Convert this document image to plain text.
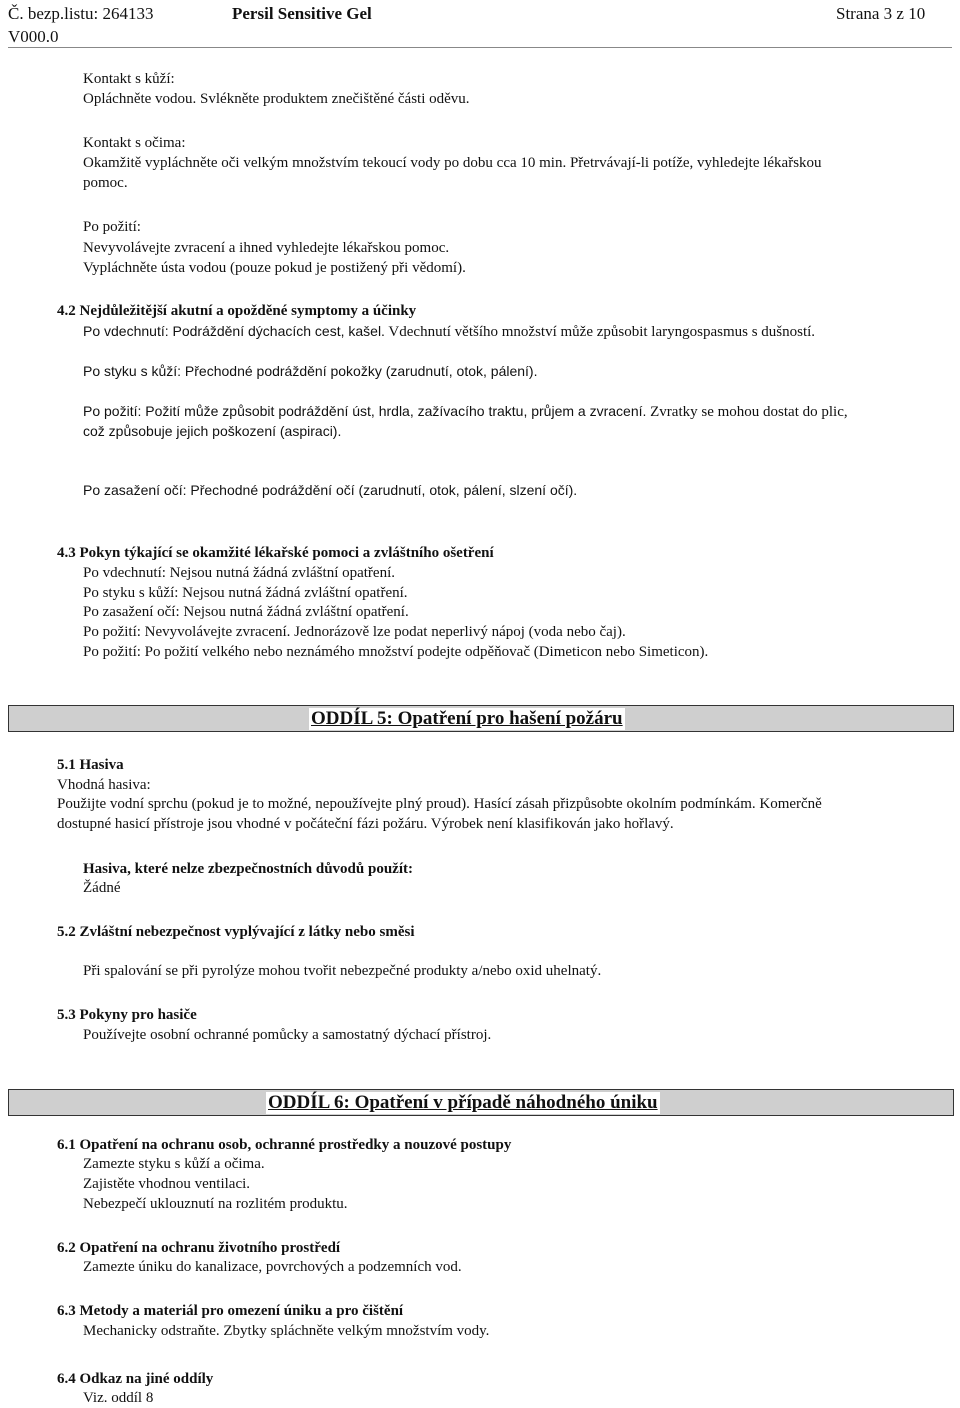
Č. bezp.listu: 264133	Persil Sensitive Gel	Strana 3 z 10
V000.0
Kontakt s kůží:
Opláchněte vodou. Svlékněte produktem znečištěné části oděvu.
Kontakt s očima:
Okamžitě vypláchněte oči velkým množstvím tekoucí vody po dobu cca 10 min. Přetrvávají-li potíže, vyhledejte lékařskou
pomoc.
Po požití:
Nevyvolávejte zvracení a ihned vyhledejte lékařskou pomoc.
Vypláchněte ústa vodou (pouze pokud je postižený při vědomí).
4.2 Nejdůležitější akutní a opožděné symptomy a účinky
Po vdechnutí: Podráždění dýchacích cest, kašel. Vdechnutí většího množství může způsobit laryngospasmus s dušností.
Po styku s kůží: Přechodné podráždění pokožky (zarudnutí, otok, pálení).
Po požití: Požití může způsobit podráždění úst, hrdla, zažívacího traktu, průjem a zvracení. Zvratky se mohou dostat do plic,
což způsobuje jejich poškození (aspiraci).
Po zasažení očí: Přechodné podráždění očí (zarudnutí, otok, pálení, slzení očí).
4.3 Pokyn týkající se okamžité lékařské pomoci a zvláštního ošetření
Po vdechnutí: Nejsou nutná žádná zvláštní opatření.
Po styku s kůží: Nejsou nutná žádná zvláštní opatření.
Po zasažení očí: Nejsou nutná žádná zvláštní opatření.
Po požití: Nevyvolávejte zvracení. Jednorázově lze podat neperlivý nápoj (voda nebo čaj).
Po požití: Po požití velkého nebo neznámého množství podejte odpěňovač (Dimeticon nebo Simeticon).
ODDÍL 5: Opatření pro hašení požáru
5.1 Hasiva
Vhodná hasiva:
Použijte vodní sprchu (pokud je to možné, nepoužívejte plný proud). Hasící zásah přizpůsobte okolním podmínkám. Komerčně
dostupné hasicí přístroje jsou vhodné v počáteční fázi požáru. Výrobek není klasifikován jako hořlavý.
Hasiva, které nelze zbezpečnostních důvodů použít:
Žádné
5.2 Zvláštní nebezpečnost vyplývající z látky nebo směsi
Při spalování se při pyrolýze mohou tvořit nebezpečné produkty a/nebo oxid uhelnatý.
5.3 Pokyny pro hasiče
Používejte osobní ochranné pomůcky a samostatný dýchací přístroj.
ODDÍL 6: Opatření v případě náhodného úniku
6.1 Opatření na ochranu osob, ochranné prostředky a nouzové postupy
Zamezte styku s kůží a očima.
Zajistěte vhodnou ventilaci.
Nebezpečí uklouznutí na rozlitém produktu.
6.2 Opatření na ochranu životního prostředí
Zamezte úniku do kanalizace, povrchových a podzemních vod.
6.3 Metody a materiál pro omezení úniku a pro čištění
Mechanicky odstraňte. Zbytky spláchněte velkým množstvím vody.
6.4 Odkaz na jiné oddíly
Viz. oddíl 8
